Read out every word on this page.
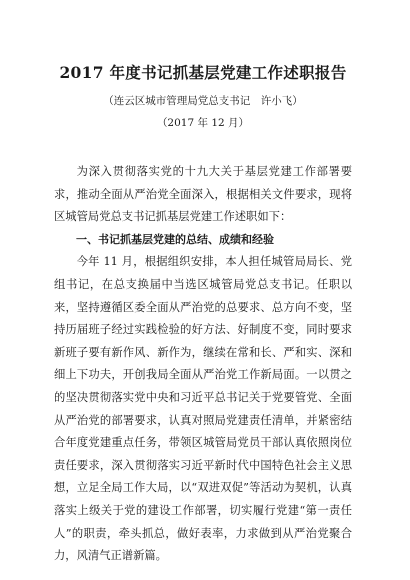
2017 年度书记抓基层党建工作述职报告

（连云区城市管理局党总支书记　许小飞）

（2017 年 12 月）

为深入贯彻落实党的十九大关于基层党建工作部署要求，推动全面从严治党全面深入，根据相关文件要求，现将区城管局党总支书记抓基层党建工作述职如下：

一、书记抓基层党建的总结、成绩和经验

今年 11 月，根据组织安排，本人担任城管局局长、党组书记，在总支换届中当选区城管局党总支书记。任职以来，坚持遵循区委全面从严治党的总要求、总方向不变，坚持历届班子经过实践检验的好方法、好制度不变，同时要求新班子要有新作风、新作为，继续在常和长、严和实、深和细上下功夫，开创我局全面从严治党工作新局面。一以贯之的坚决贯彻落实党中央和习近平总书记关于党要管党、全面从严治党的部署要求，认真对照局党建责任清单，并紧密结合年度党建重点任务，带领区城管局党员干部认真依照岗位责任要求，深入贯彻落实习近平新时代中国特色社会主义思想，立足全局工作大局，以“双进双促”等活动为契机，认真落实上级关于党的建设工作部署，切实履行党建“第一责任人”的职责，牵头抓总，做好表率，力求做到从严治党聚合力，风清气正谱新篇。
